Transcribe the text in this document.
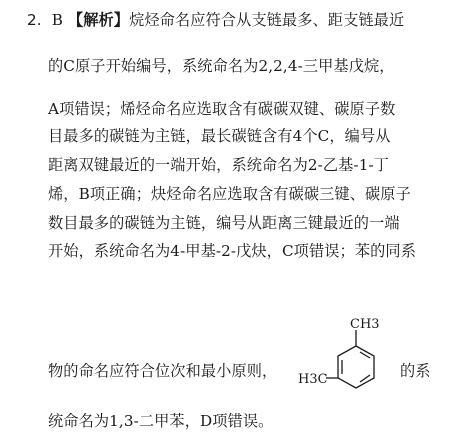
2. B 【解析】烷烃命名应符合从支链最多、距支链最近
的C原子开始编号，系统命名为2,2,4-三甲基戊烷，
A项错误；烯烃命名应选取含有碳碳双键、碳原子数
目最多的碳链为主链，最长碳链含有4个C，编号从
距离双键最近的一端开始，系统命名为2-乙基-1-丁
烯，B项正确；炔烃命名应选取含有碳碳三键、碳原子
数目最多的碳链为主链，编号从距离三键最近的一端
开始，系统命名为4-甲基-2-戊炔，C项错误；苯的同系
物的命名应符合位次和最小原则，
CH3
H3C	的系
统命名为1,3-二甲苯，D项错误。
